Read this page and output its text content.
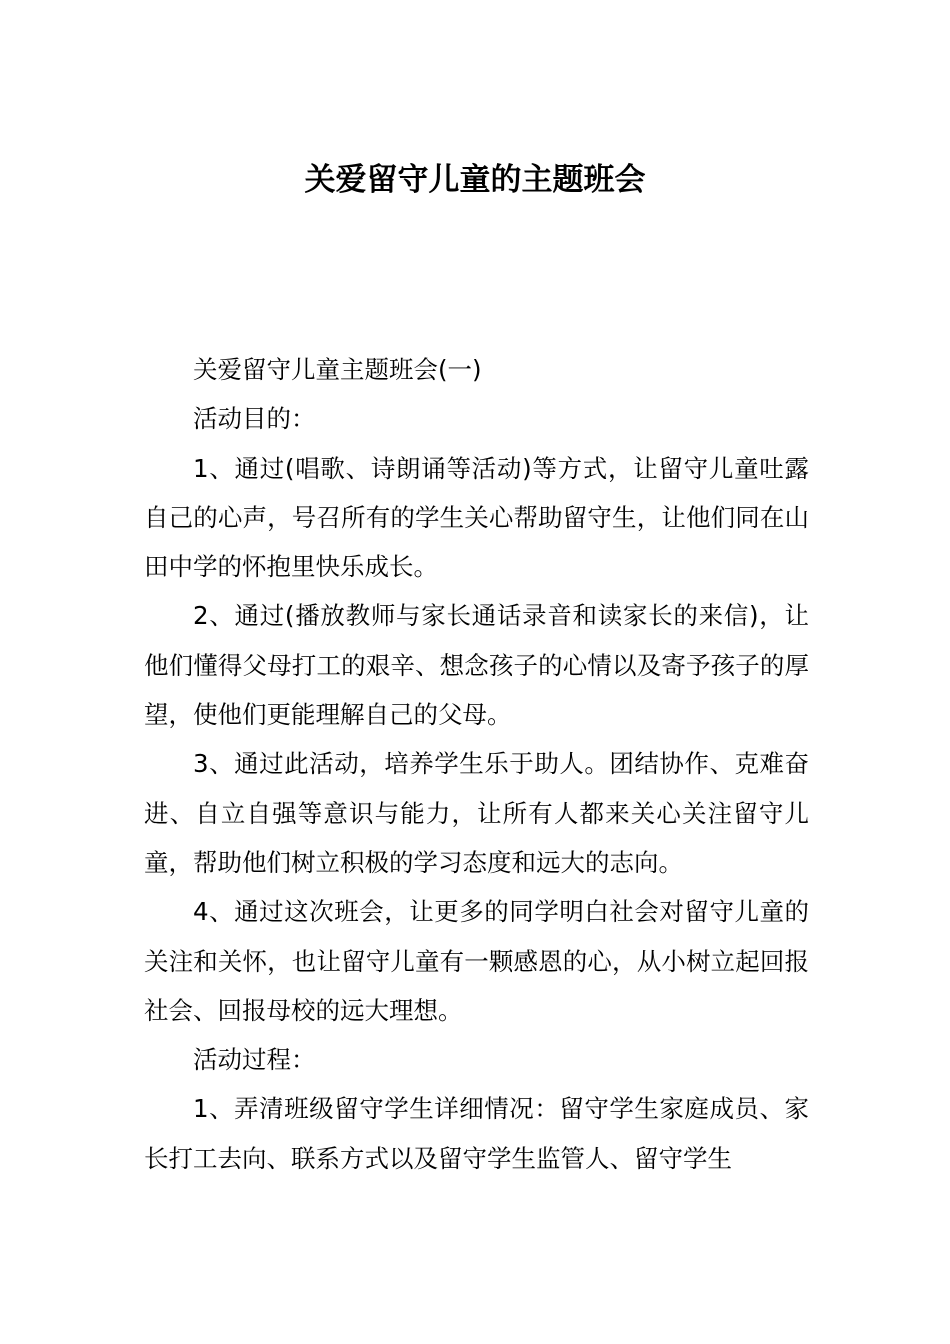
关爱留守儿童的主题班会

关爱留守儿童主题班会(一)

活动目的：

1、通过(唱歌、诗朗诵等活动)等方式，让留守儿童吐露自己的心声，号召所有的学生关心帮助留守生，让他们同在山田中学的怀抱里快乐成长。

2、通过(播放教师与家长通话录音和读家长的来信)，让他们懂得父母打工的艰辛、想念孩子的心情以及寄予孩子的厚望，使他们更能理解自己的父母。

3、通过此活动，培养学生乐于助人。团结协作、克难奋进、自立自强等意识与能力，让所有人都来关心关注留守儿童，帮助他们树立积极的学习态度和远大的志向。

4、通过这次班会，让更多的同学明白社会对留守儿童的关注和关怀，也让留守儿童有一颗感恩的心，从小树立起回报社会、回报母校的远大理想。

活动过程：

1、弄清班级留守学生详细情况：留守学生家庭成员、家长打工去向、联系方式以及留守学生监管人、留守学生
